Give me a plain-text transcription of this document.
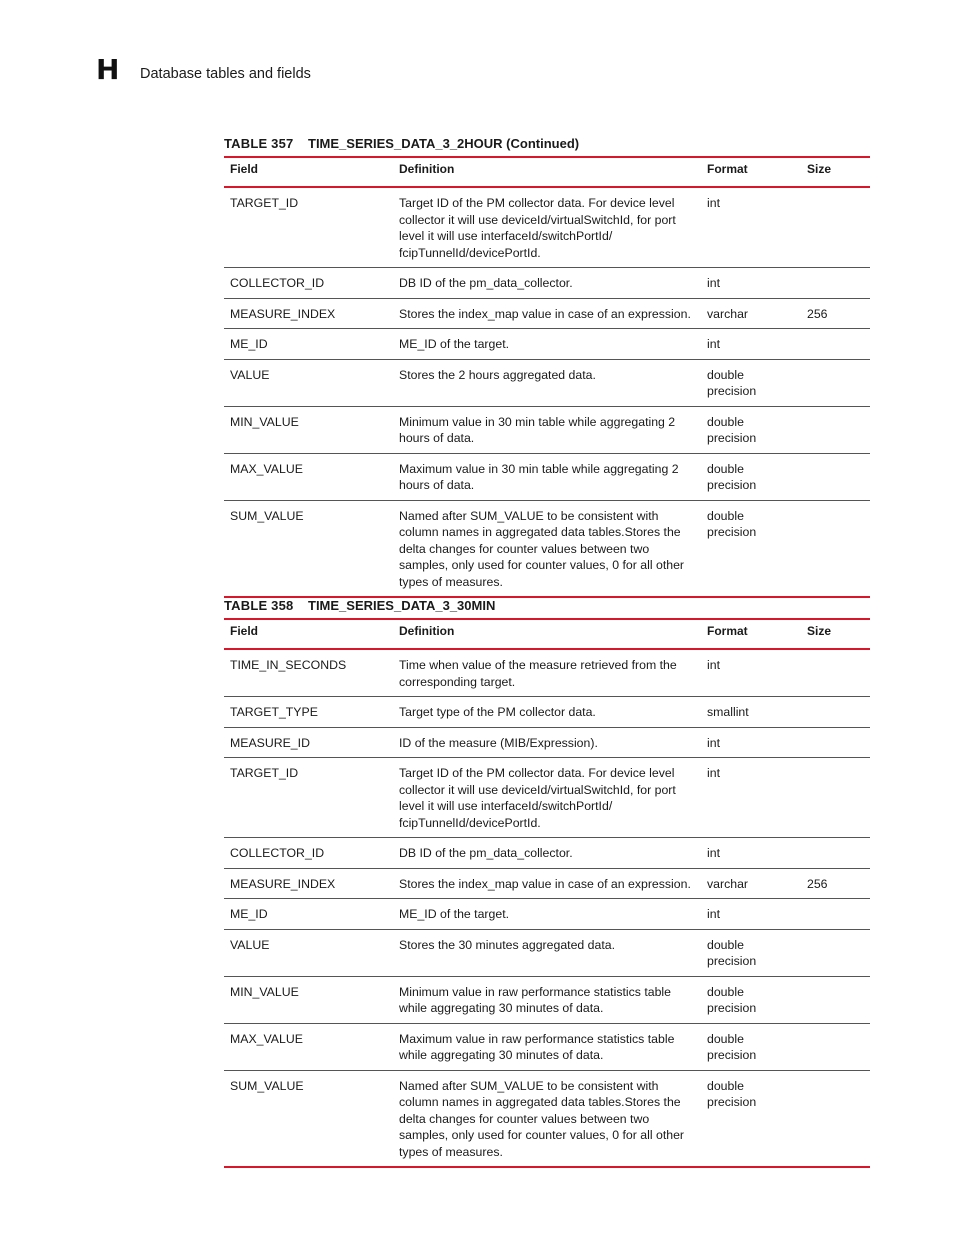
H Database tables and fields
TABLE 357 TIME_SERIES_DATA_3_2HOUR (Continued)
Field	Definition	Format	Size
TARGET_ID	Target ID of the PM collector data. For device level collector it will use deviceId/virtualSwitchId, for port level it will use interfaceId/switchPortId/ fcipTunnelId/devicePortId.	int	
COLLECTOR_ID	DB ID of the pm_data_collector.	int	
MEASURE_INDEX	Stores the index_map value in case of an expression.	varchar	256
ME_ID	ME_ID of the target.	int	
VALUE	Stores the 2 hours aggregated data.	double precision	
MIN_VALUE	Minimum value in 30 min table while aggregating 2 hours of data.	double precision	
MAX_VALUE	Maximum value in 30 min table while aggregating 2 hours of data.	double precision	
SUM_VALUE	Named after SUM_VALUE to be consistent with column names in aggregated data tables.Stores the delta changes for counter values between two samples, only used for counter values, 0 for all other types of measures.	double precision	
TABLE 358 TIME_SERIES_DATA_3_30MIN
Field	Definition	Format	Size
TIME_IN_SECONDS	Time when value of the measure retrieved from the corresponding target.	int	
TARGET_TYPE	Target type of the PM collector data.	smallint	
MEASURE_ID	ID of the measure (MIB/Expression).	int	
TARGET_ID	Target ID of the PM collector data. For device level collector it will use deviceId/virtualSwitchId, for port level it will use interfaceId/switchPortId/ fcipTunnelId/devicePortId.	int	
COLLECTOR_ID	DB ID of the pm_data_collector.	int	
MEASURE_INDEX	Stores the index_map value in case of an expression.	varchar	256
ME_ID	ME_ID of the target.	int	
VALUE	Stores the 30 minutes aggregated data.	double precision	
MIN_VALUE	Minimum value in raw performance statistics table while aggregating 30 minutes of data.	double precision	
MAX_VALUE	Maximum value in raw performance statistics table while aggregating 30 minutes of data.	double precision	
SUM_VALUE	Named after SUM_VALUE to be consistent with column names in aggregated data tables.Stores the delta changes for counter values between two samples, only used for counter values, 0 for all other types of measures.	double precision	
